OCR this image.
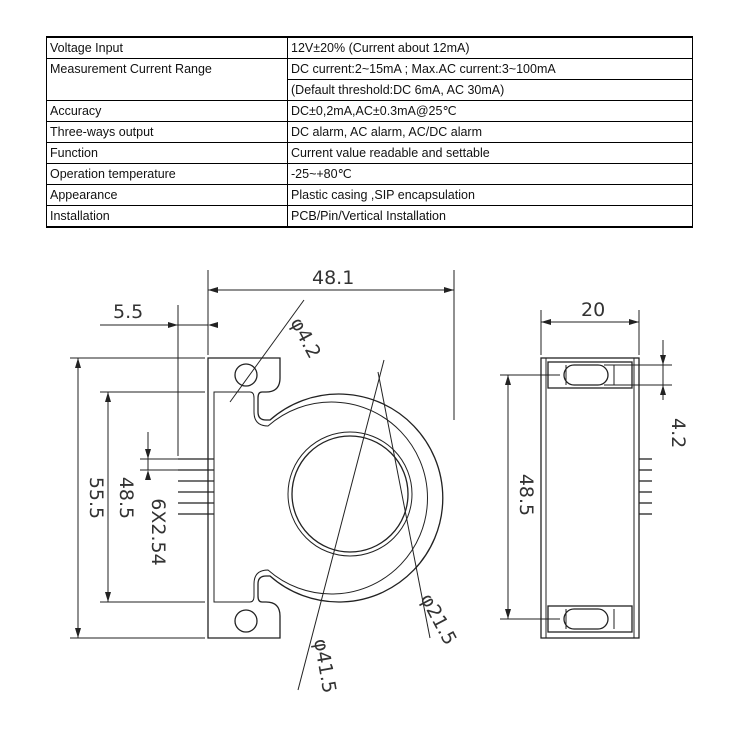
Voltage Input	12V±20% (Current about 12mA)
Measurement Current Range	DC current:2~15mA ; Max.AC current:3~100mA
	(Default threshold:DC 6mA, AC 30mA)
Accuracy	DC±0,2mA,AC±0.3mA@25℃
Three-ways output	DC alarm, AC alarm, AC/DC alarm
Function	Current value readable and settable
Operation temperature	-25~+80℃
Appearance	Plastic casing ,SIP encapsulation
Installation	PCB/Pin/Vertical Installation
48.1
5.5
φ4.2
55.5 48.5
6X2.54
φ21.5
φ41.5
20
4.2
48.5
